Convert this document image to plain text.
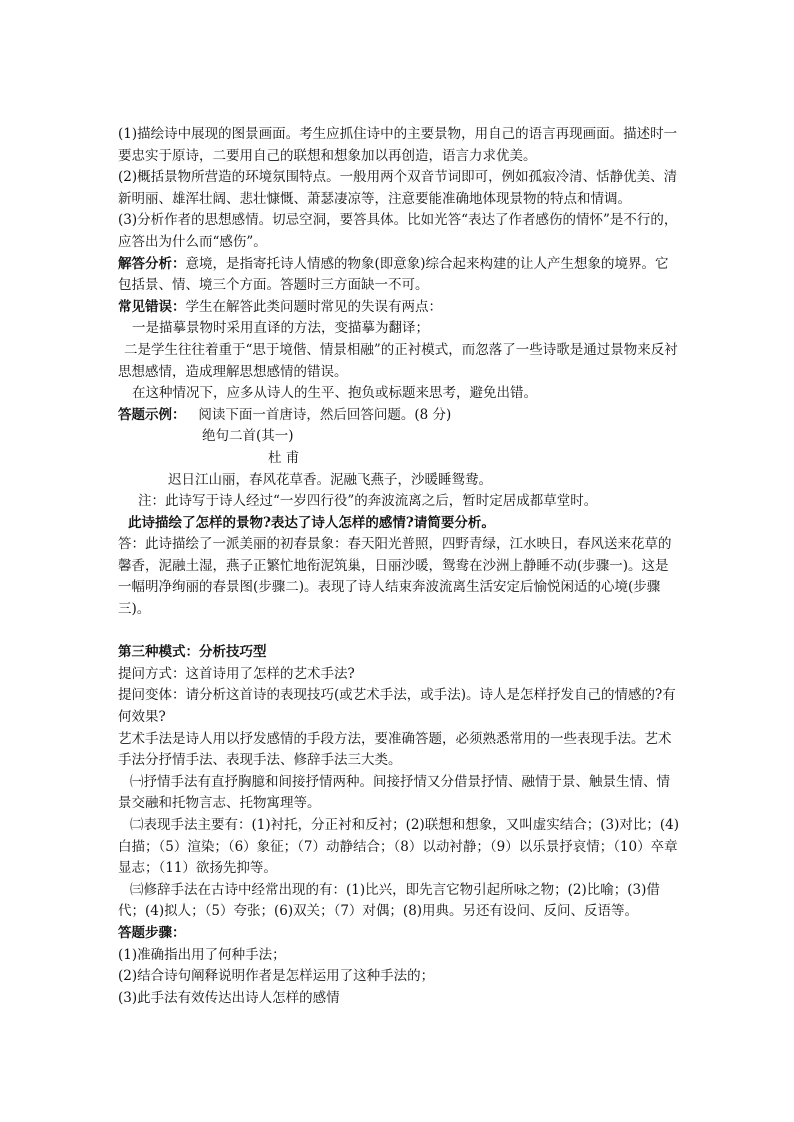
(1)描绘诗中展现的图景画面。考生应抓住诗中的主要景物，用自己的语言再现画面。描述时一要忠实于原诗，二要用自己的联想和想象加以再创造，语言力求优美。

(2)概括景物所营造的环境氛围特点。一般用两个双音节词即可，例如孤寂冷清、恬静优美、清新明丽、雄浑壮阔、悲壮慷慨、萧瑟凄凉等，注意要能准确地体现景物的特点和情调。

(3)分析作者的思想感情。切忌空洞，要答具体。比如光答“表达了作者感伤的情怀”是不行的，应答出为什么而“感伤”。

解答分析：意境，是指寄托诗人情感的物象(即意象)综合起来构建的让人产生想象的境界。它包括景、情、境三个方面。答题时三方面缺一不可。

常见错误：学生在解答此类问题时常见的失误有两点：

一是描摹景物时采用直译的方法，变描摹为翻译；

二是学生往往着重于“思于境偕、情景相融”的正衬模式，而忽落了一些诗歌是通过景物来反衬思想感情，造成理解思想感情的错误。

在这种情况下，应多从诗人的生平、抱负或标题来思考，避免出错。

答题示例： 阅读下面一首唐诗，然后回答问题。(8 分)

绝句二首(其一)

杜 甫

迟日江山丽，春风花草香。泥融飞燕子，沙暖睡鸳鸯。

注：此诗写于诗人经过“一岁四行役”的奔波流离之后，暂时定居成都草堂时。

此诗描绘了怎样的景物?表达了诗人怎样的感情?请简要分析。

答：此诗描绘了一派美丽的初春景象：春天阳光普照，四野青绿，江水映日，春风送来花草的馨香，泥融土湿，燕子正繁忙地衔泥筑巢，日丽沙暖，鸳鸯在沙洲上静睡不动(步骤一)。这是一幅明净绚丽的春景图(步骤二)。表现了诗人结束奔波流离生活安定后愉悦闲适的心境(步骤三)。

第三种模式：分析技巧型

提问方式：这首诗用了怎样的艺术手法?

提问变体：请分析这首诗的表现技巧(或艺术手法，或手法)。诗人是怎样抒发自己的情感的?有何效果?

艺术手法是诗人用以抒发感情的手段方法，要准确答题，必须熟悉常用的一些表现手法。艺术手法分抒情手法、表现手法、修辞手法三大类。

㈠抒情手法有直抒胸臆和间接抒情两种。间接抒情又分借景抒情、融情于景、触景生情、情景交融和托物言志、托物寓理等。

㈡表现手法主要有：(1)衬托，分正衬和反衬；(2)联想和想象，又叫虚实结合；(3)对比；(4)白描；（5）渲染；（6）象征；（7）动静结合；（8）以动衬静；（9）以乐景抒哀情；（10）卒章显志；（11）欲扬先抑等。

㈢修辞手法在古诗中经常出现的有：(1)比兴，即先言它物引起所咏之物；(2)比喻；(3)借代；(4)拟人；（5）夸张；(6)双关；（7）对偶；(8)用典。另还有设问、反问、反语等。

答题步骤：

(1)准确指出用了何种手法；

(2)结合诗句阐释说明作者是怎样运用了这种手法的；

(3)此手法有效传达出诗人怎样的感情
